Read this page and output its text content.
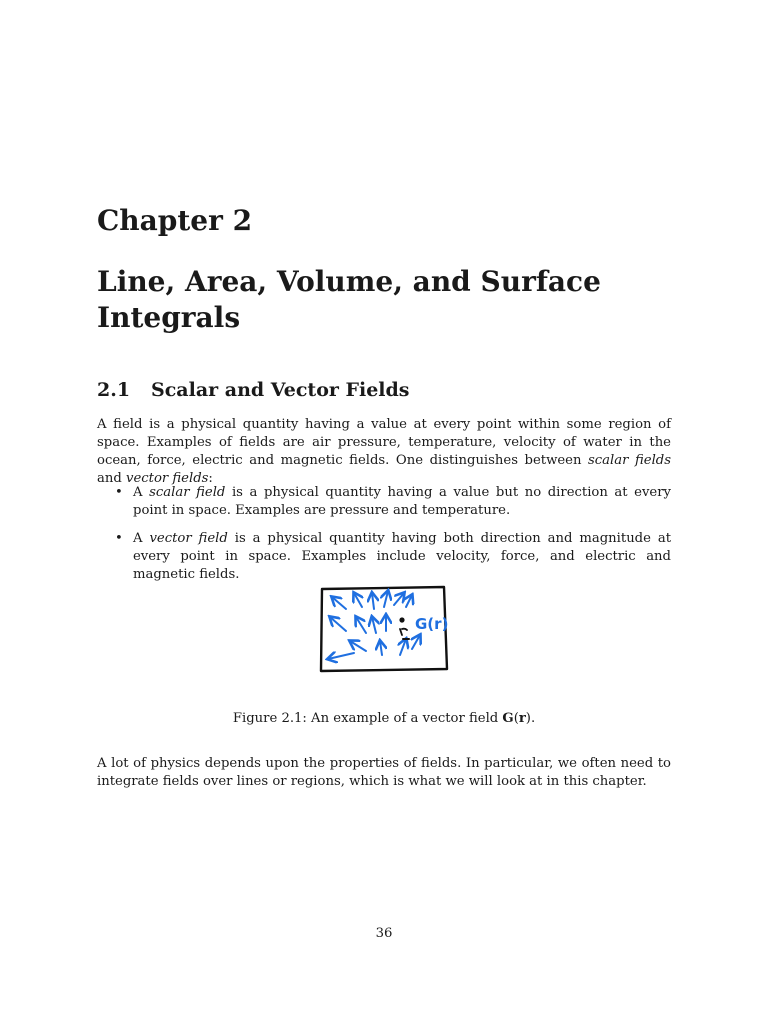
Chapter 2
Line, Area, Volume, and Surface Integrals
2.1 Scalar and Vector Fields

A field is a physical quantity having a value at every point within some region of space. Examples of fields are air pressure, temperature, velocity of water in the ocean, force, electric and magnetic fields. One distinguishes between scalar fields and vector fields:

• A scalar field is a physical quantity having a value but no direction at every point in space. Examples are pressure and temperature.
• A vector field is a physical quantity having both direction and magnitude at every point in space. Examples include velocity, force, and electric and magnetic fields.
G(r)

Figure 2.1: An example of a vector field G(r).

A lot of physics depends upon the properties of fields. In particular, we often need to integrate fields over lines or regions, which is what we will look at in this chapter.

36
